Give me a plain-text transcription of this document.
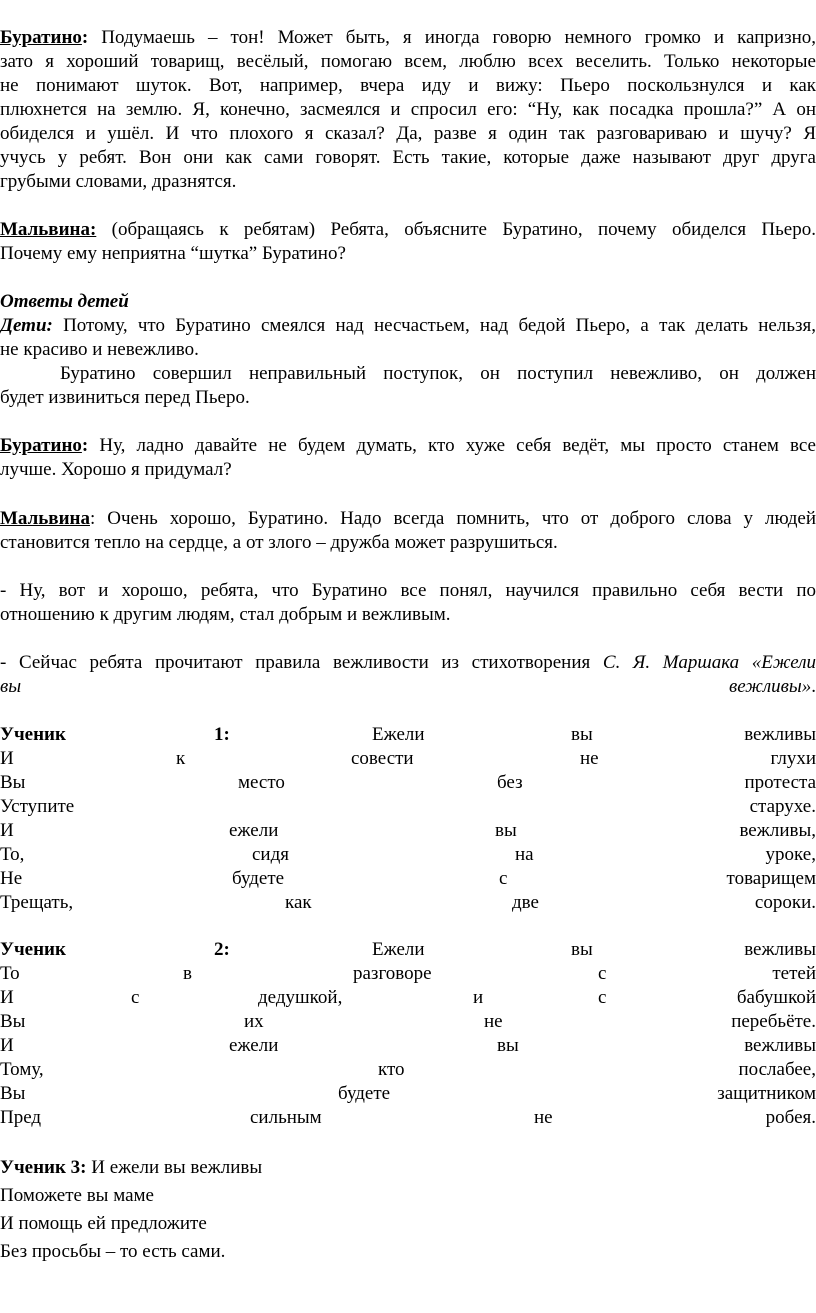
Буратино: Подумаешь – тон! Может быть, я иногда говорю немного громко и капризно,
зато я хороший товарищ, весёлый, помогаю всем, люблю всех веселить. Только некоторые
не понимают шуток. Вот, например, вчера иду и вижу: Пьеро поскользнулся и как
плюхнется на землю. Я, конечно, засмеялся и спросил его: “Ну, как посадка прошла?” А он
обиделся и ушёл. И что плохого я сказал? Да, разве я один так разговариваю и шучу? Я
учусь у ребят. Вон они как сами говорят. Есть такие, которые даже называют друг друга
грубыми словами, дразнятся.
Мальвина: (обращаясь к ребятам) Ребята, объясните Буратино, почему обиделся Пьеро.
Почему ему неприятна “шутка” Буратино?
Ответы детей
Дети: Потому, что Буратино смеялся над несчастьем, над бедой Пьеро, а так делать нельзя,
не красиво и невежливо.
Буратино совершил неправильный поступок, он поступил невежливо, он должен
будет извиниться перед Пьеро.
Буратино: Ну, ладно давайте не будем думать, кто хуже себя ведёт, мы просто станем все
лучше. Хорошо я придумал?
Мальвина: Очень хорошо, Буратино. Надо всегда помнить, что от доброго слова у людей
становится тепло на сердце, а от злого – дружба может разрушиться.
- Ну, вот и хорошо, ребята, что Буратино все понял, научился правильно себя вести по
отношению к другим людям, стал добрым и вежливым.
- Сейчас ребята прочитают правила вежливости из стихотворения С. Я. Маршака «Ежели
вы	вежливы».
Ученик	1:	Ежели	вы	вежливы
И	к	совести	не	глухи
Вы	место	без	протеста
Уступите	старухе.
И	ежели	вы	вежливы,
То,	сидя	на	уроке,
Не	будете	с	товарищем
Трещать,	как	две	сороки.
Ученик	2:	Ежели	вы	вежливы
То	в	разговоре	с	тетей
И	с	дедушкой,	и	с	бабушкой
Вы	их	не	перебьёте.
И	ежели	вы	вежливы
Тому,	кто	послабее,
Вы	будете	защитником
Пред	сильным	не	робея.
Ученик 3: И ежели вы вежливы
Поможете вы маме
И помощь ей предложите
Без просьбы – то есть сами.
